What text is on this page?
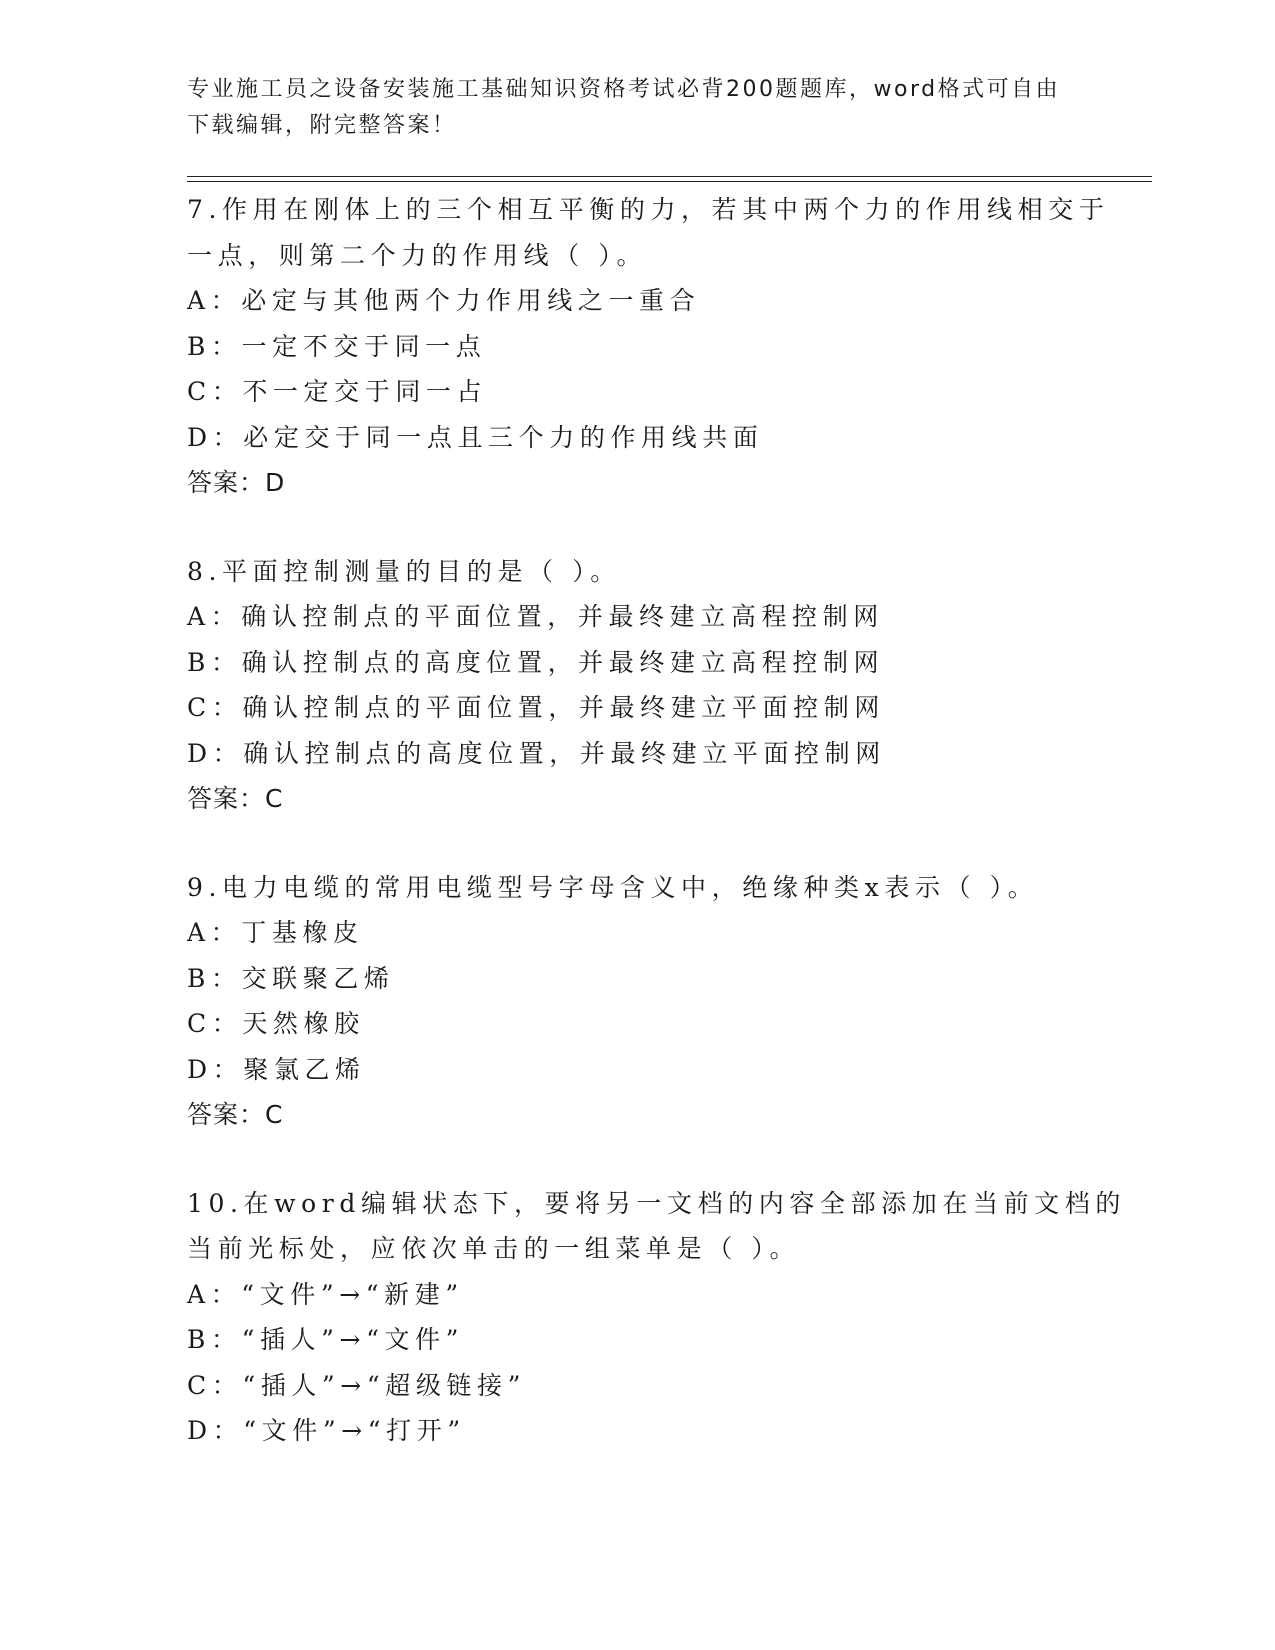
专业施工员之设备安装施工基础知识资格考试必背200题题库，word格式可自由

下载编辑，附完整答案！

7.作用在刚体上的三个相互平衡的力，若其中两个力的作用线相交于

一点，则第二个力的作用线（ ）。

A：必定与其他两个力作用线之一重合

B：一定不交于同一点

C：不一定交于同一占

D：必定交于同一点且三个力的作用线共面

答案：D

8.平面控制测量的目的是（ ）。

A：确认控制点的平面位置，并最终建立高程控制网

B：确认控制点的高度位置，并最终建立高程控制网

C：确认控制点的平面位置，并最终建立平面控制网

D：确认控制点的高度位置，并最终建立平面控制网

答案：C

9.电力电缆的常用电缆型号字母含义中，绝缘种类x表示（ ）。

A：丁基橡皮

B：交联聚乙烯

C：天然橡胶

D：聚氯乙烯

答案：C

10.在word编辑状态下，要将另一文档的内容全部添加在当前文档的

当前光标处，应依次单击的一组菜单是（ ）。

A：“文件”→“新建”

B：“插人”→“文件”

C：“插人”→“超级链接”

D：“文件”→“打开”
